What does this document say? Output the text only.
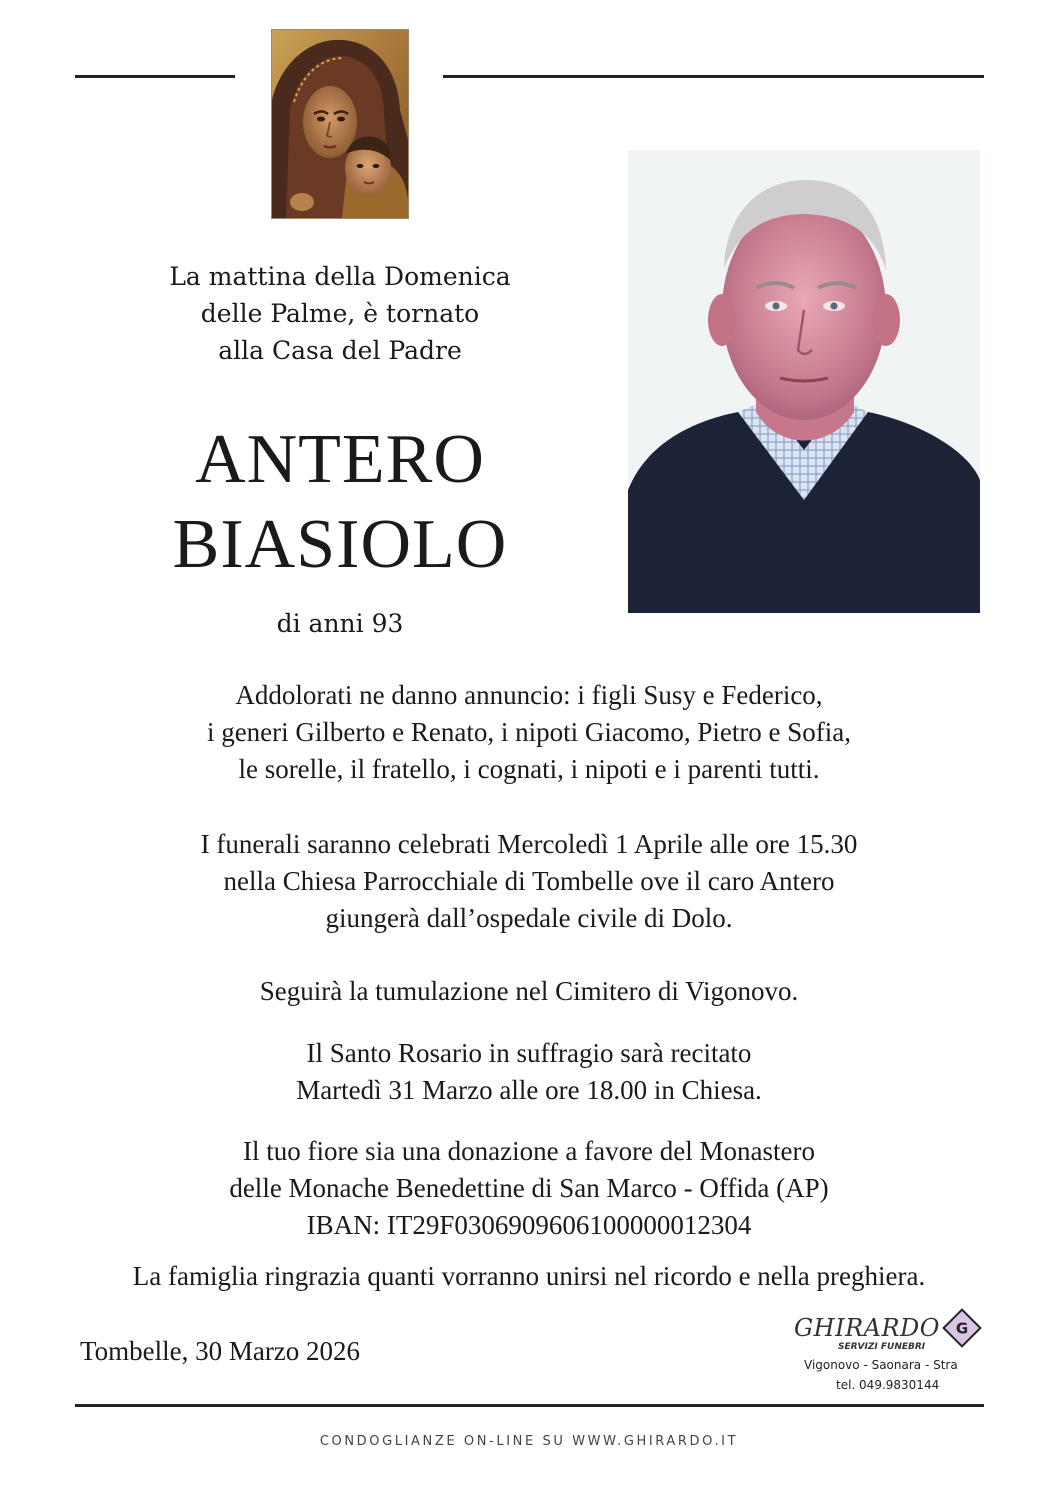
La mattina della Domenica
delle Palme, è tornato
alla Casa del Padre
ANTERO
BIASIOLO
di anni 93
Addolorati ne danno annuncio: i figli Susy e Federico,
i generi Gilberto e Renato, i nipoti Giacomo, Pietro e Sofia,
le sorelle, il fratello, i cognati, i nipoti e i parenti tutti.
I funerali saranno celebrati Mercoledì 1 Aprile alle ore 15.30
nella Chiesa Parrocchiale di Tombelle ove il caro Antero
giungerà dall’ospedale civile di Dolo.
Seguirà la tumulazione nel Cimitero di Vigonovo.
Il Santo Rosario in suffragio sarà recitato
Martedì 31 Marzo alle ore 18.00 in Chiesa.
Il tuo fiore sia una donazione a favore del Monastero
delle Monache Benedettine di San Marco - Offida (AP)
IBAN: IT29F0306909606100000012304
La famiglia ringrazia quanti vorranno unirsi nel ricordo e nella preghiera.
Tombelle, 30 Marzo 2026
GHIRARDO
SERVIZI FUNEBRI
G
Vigonovo - Saonara - Stra
tel. 049.9830144
CONDOGLIANZE ON-LINE SU WWW.GHIRARDO.IT
